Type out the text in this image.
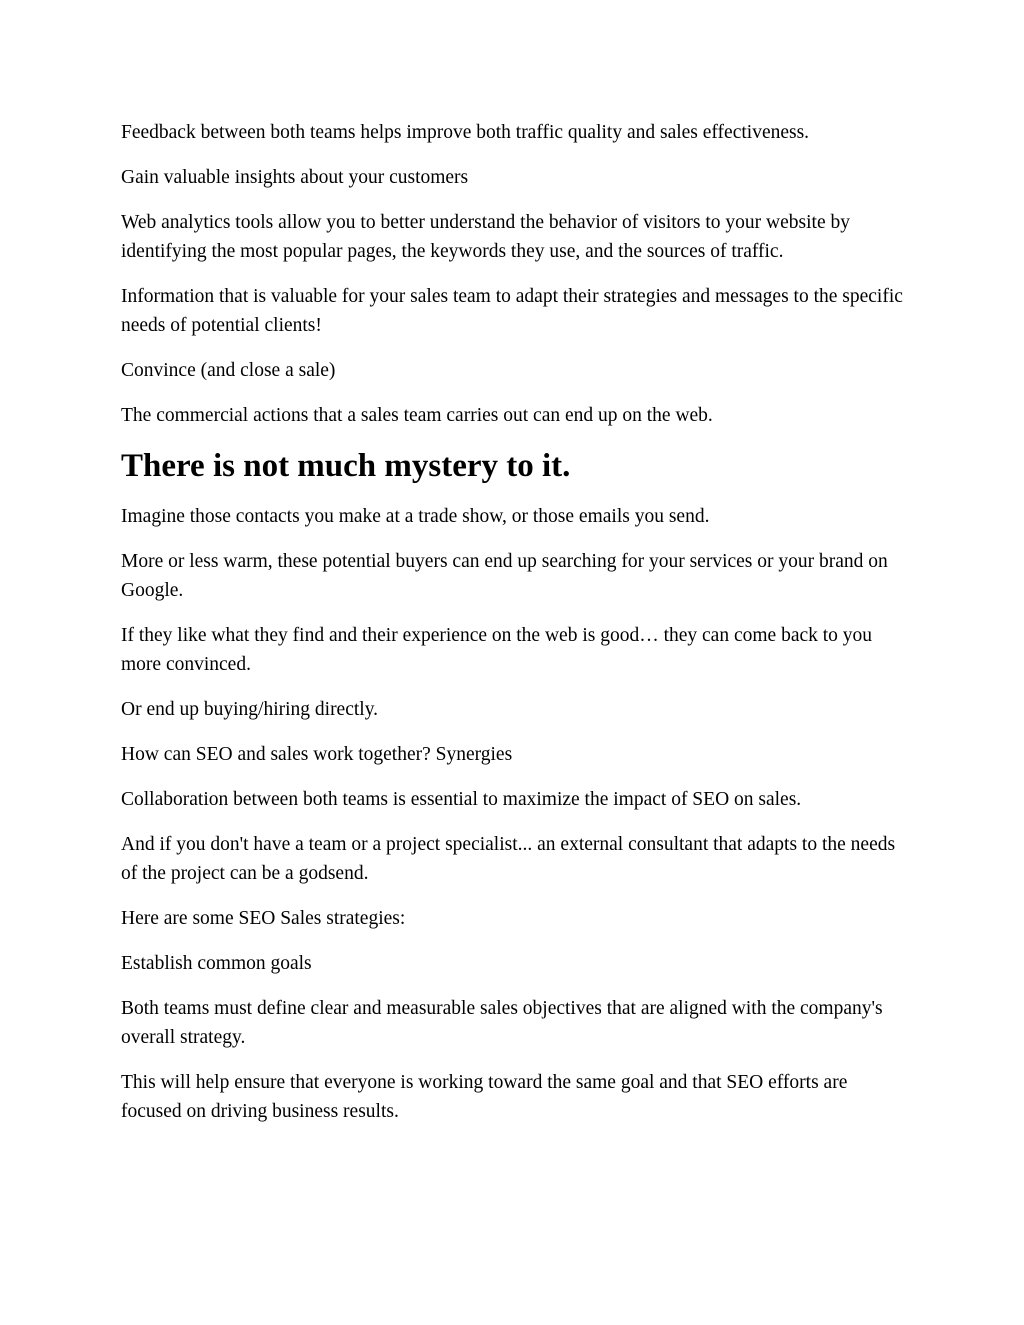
Feedback between both teams helps improve both traffic quality and sales effectiveness.

Gain valuable insights about your customers

Web analytics tools allow you to better understand the behavior of visitors to your website by identifying the most popular pages, the keywords they use, and the sources of traffic.

Information that is valuable for your sales team to adapt their strategies and messages to the specific needs of potential clients!

Convince (and close a sale)

The commercial actions that a sales team carries out can end up on the web.

There is not much mystery to it.

Imagine those contacts you make at a trade show, or those emails you send.

More or less warm, these potential buyers can end up searching for your services or your brand on Google.

If they like what they find and their experience on the web is good… they can come back to you more convinced.

Or end up buying/hiring directly.

How can SEO and sales work together? Synergies

Collaboration between both teams is essential to maximize the impact of SEO on sales.

And if you don't have a team or a project specialist... an external consultant that adapts to the needs of the project can be a godsend.

Here are some SEO Sales strategies:

Establish common goals

Both teams must define clear and measurable sales objectives that are aligned with the company's overall strategy.

This will help ensure that everyone is working toward the same goal and that SEO efforts are focused on driving business results.
